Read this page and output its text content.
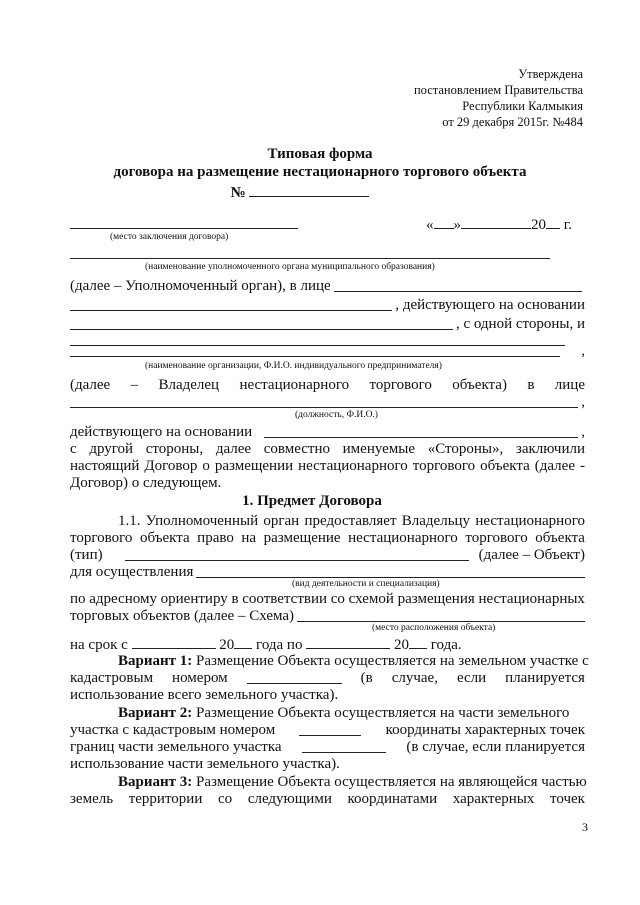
Утверждена
постановлением Правительства
Республики Калмыкия
от 29 декабря 2015г. №484
Типовая форма
договора на размещение нестационарного торгового объекта
№
« »	20 г.
(место заключения договора)
(наименование уполномоченного органа муниципального образования)
(далее – Уполномоченный орган), в лице
, действующего на основании
, с одной стороны, и
,
(наименование организации, Ф.И.О. индивидуального предпринимателя)
(далее – Владелец нестационарного торгового объекта) в лице
,
(должность, Ф.И.О.)
действующего на основании	,
с другой стороны, далее совместно именуемые «Стороны», заключили
настоящий Договор о размещении нестационарного торгового объекта (далее -
Договор) о следующем.
1. Предмет Договора
1.1. Уполномоченный орган предоставляет Владельцу нестационарного
торгового объекта право на размещение нестационарного торгового объекта
(тип)	(далее – Объект)
для осуществления
(вид деятельности и специализация)
по адресному ориентиру в соответствии со схемой размещения нестационарных
торговых объектов (далее – Схема)
(место расположения объекта)
на срок с	20 года по	20 года.
Вариант 1: Размещение Объекта осуществляется на земельном участке с
кадастровым номером	(в случае, если планируется
использование всего земельного участка).
Вариант 2: Размещение Объекта осуществляется на части земельного
участка с кадастровым номером	координаты характерных точек
границ части земельного участка	(в случае, если планируется
использование части земельного участка).
Вариант 3: Размещение Объекта осуществляется на являющейся частью
земель территории со следующими координатами характерных точек
3
